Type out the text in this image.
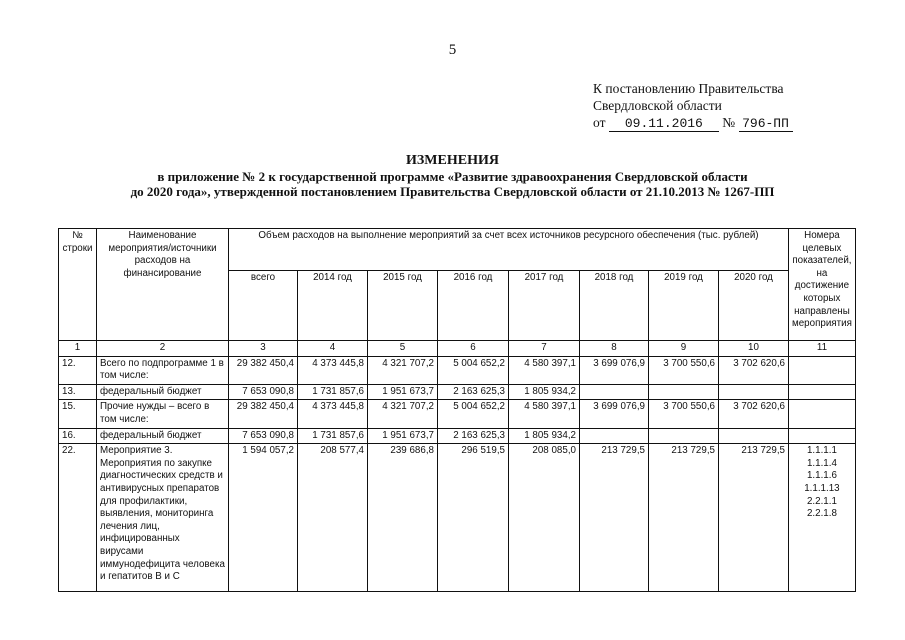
5
К постановлению Правительства
Свердловской области
от 09.11.2016 № 796-ПП
ИЗМЕНЕНИЯ
в приложение № 2 к государственной программе «Развитие здравоохранения Свердловской области
до 2020 года», утвержденной постановлением Правительства Свердловской области от 21.10.2013 № 1267-ПП
№ строки	Наименование мероприятия/источники расходов на финансирование	Объем расходов на выполнение мероприятий за счет всех источников ресурсного обеспечения (тыс. рублей)								Номера целевых показателей, на достижение которых направлены мероприятия
		всего	2014 год	2015 год	2016 год	2017 год	2018 год	2019 год	2020 год	
1	2	3	4	5	6	7	8	9	10	11
12.	Всего по подпрограмме 1 в том числе:	29 382 450,4	4 373 445,8	4 321 707,2	5 004 652,2	4 580 397,1	3 699 076,9	3 700 550,6	3 702 620,6	
13.	федеральный бюджет	7 653 090,8	1 731 857,6	1 951 673,7	2 163 625,3	1 805 934,2				
15.	Прочие нужды – всего в том числе:	29 382 450,4	4 373 445,8	4 321 707,2	5 004 652,2	4 580 397,1	3 699 076,9	3 700 550,6	3 702 620,6	
16.	федеральный бюджет	7 653 090,8	1 731 857,6	1 951 673,7	2 163 625,3	1 805 934,2				
22.	Мероприятие 3. Мероприятия по закупке диагностических средств и антивирусных препаратов для профилактики, выявления, мониторинга лечения лиц, инфицированных вирусами иммунодефицита человека и гепатитов В и С	1 594 057,2	208 577,4	239 686,8	296 519,5	208 085,0	213 729,5	213 729,5	213 729,5	1.1.1.1 1.1.1.4 1.1.1.6 1.1.1.13 2.2.1.1 2.2.1.8
